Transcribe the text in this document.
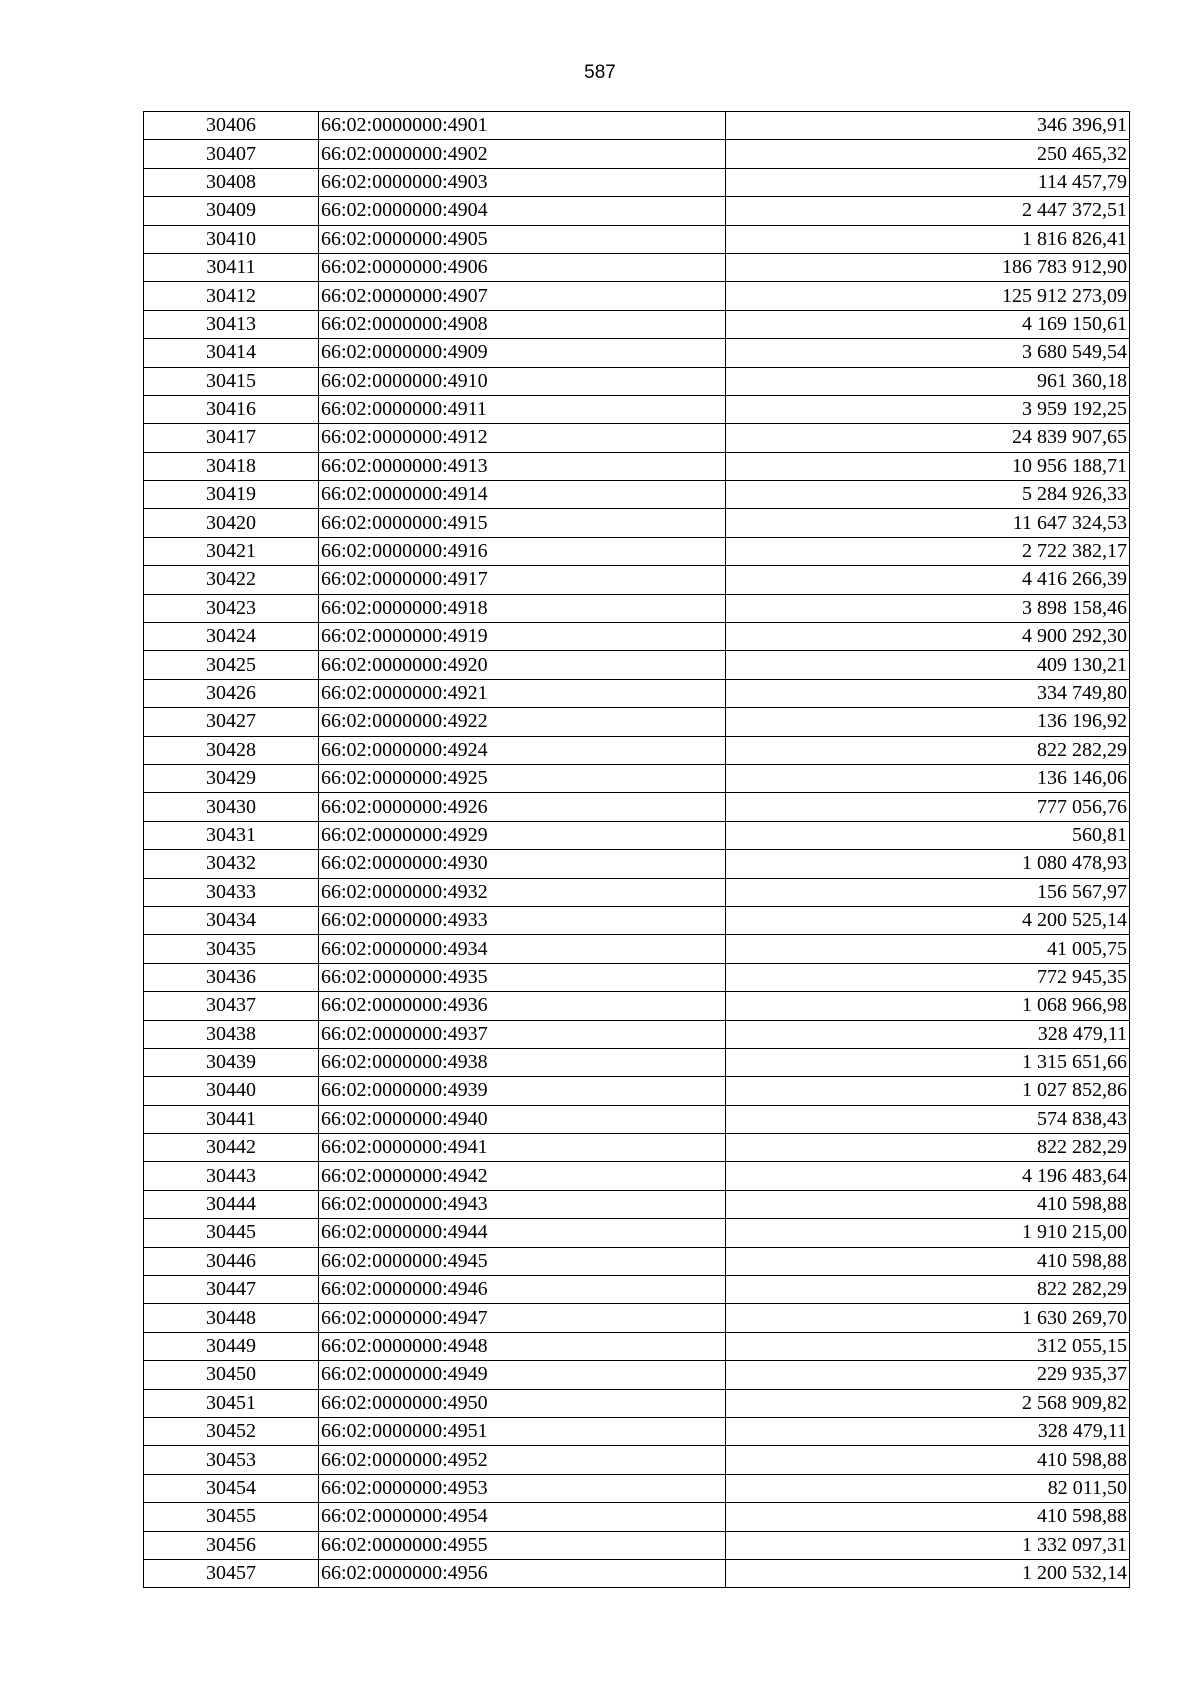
587
30406	66:02:0000000:4901	346 396,91
30407	66:02:0000000:4902	250 465,32
30408	66:02:0000000:4903	114 457,79
30409	66:02:0000000:4904	2 447 372,51
30410	66:02:0000000:4905	1 816 826,41
30411	66:02:0000000:4906	186 783 912,90
30412	66:02:0000000:4907	125 912 273,09
30413	66:02:0000000:4908	4 169 150,61
30414	66:02:0000000:4909	3 680 549,54
30415	66:02:0000000:4910	961 360,18
30416	66:02:0000000:4911	3 959 192,25
30417	66:02:0000000:4912	24 839 907,65
30418	66:02:0000000:4913	10 956 188,71
30419	66:02:0000000:4914	5 284 926,33
30420	66:02:0000000:4915	11 647 324,53
30421	66:02:0000000:4916	2 722 382,17
30422	66:02:0000000:4917	4 416 266,39
30423	66:02:0000000:4918	3 898 158,46
30424	66:02:0000000:4919	4 900 292,30
30425	66:02:0000000:4920	409 130,21
30426	66:02:0000000:4921	334 749,80
30427	66:02:0000000:4922	136 196,92
30428	66:02:0000000:4924	822 282,29
30429	66:02:0000000:4925	136 146,06
30430	66:02:0000000:4926	777 056,76
30431	66:02:0000000:4929	560,81
30432	66:02:0000000:4930	1 080 478,93
30433	66:02:0000000:4932	156 567,97
30434	66:02:0000000:4933	4 200 525,14
30435	66:02:0000000:4934	41 005,75
30436	66:02:0000000:4935	772 945,35
30437	66:02:0000000:4936	1 068 966,98
30438	66:02:0000000:4937	328 479,11
30439	66:02:0000000:4938	1 315 651,66
30440	66:02:0000000:4939	1 027 852,86
30441	66:02:0000000:4940	574 838,43
30442	66:02:0000000:4941	822 282,29
30443	66:02:0000000:4942	4 196 483,64
30444	66:02:0000000:4943	410 598,88
30445	66:02:0000000:4944	1 910 215,00
30446	66:02:0000000:4945	410 598,88
30447	66:02:0000000:4946	822 282,29
30448	66:02:0000000:4947	1 630 269,70
30449	66:02:0000000:4948	312 055,15
30450	66:02:0000000:4949	229 935,37
30451	66:02:0000000:4950	2 568 909,82
30452	66:02:0000000:4951	328 479,11
30453	66:02:0000000:4952	410 598,88
30454	66:02:0000000:4953	82 011,50
30455	66:02:0000000:4954	410 598,88
30456	66:02:0000000:4955	1 332 097,31
30457	66:02:0000000:4956	1 200 532,14
